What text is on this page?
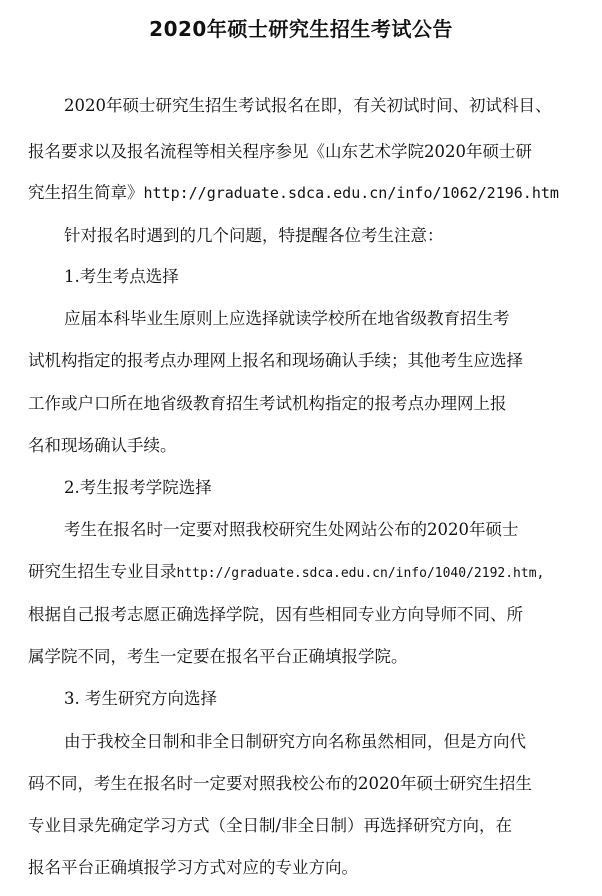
2020年硕士研究生招生考试公告
2020年硕士研究生招生考试报名在即，有关初试时间、初试科目、
报名要求以及报名流程等相关程序参见《山东艺术学院2020年硕士研
究生招生简章》http://graduate.sdca.edu.cn/info/1062/2196.htm
针对报名时遇到的几个问题，特提醒各位考生注意：
1.考生考点选择
应届本科毕业生原则上应选择就读学校所在地省级教育招生考
试机构指定的报考点办理网上报名和现场确认手续；其他考生应选择
工作或户口所在地省级教育招生考试机构指定的报考点办理网上报
名和现场确认手续。
2.考生报考学院选择
考生在报名时一定要对照我校研究生处网站公布的2020年硕士
研究生招生专业目录http://graduate.sdca.edu.cn/info/1040/2192.htm,
根据自己报考志愿正确选择学院，因有些相同专业方向导师不同、所
属学院不同，考生一定要在报名平台正确填报学院。
3. 考生研究方向选择
由于我校全日制和非全日制研究方向名称虽然相同，但是方向代
码不同，考生在报名时一定要对照我校公布的2020年硕士研究生招生
专业目录先确定学习方式（全日制/非全日制）再选择研究方向，在
报名平台正确填报学习方式对应的专业方向。
